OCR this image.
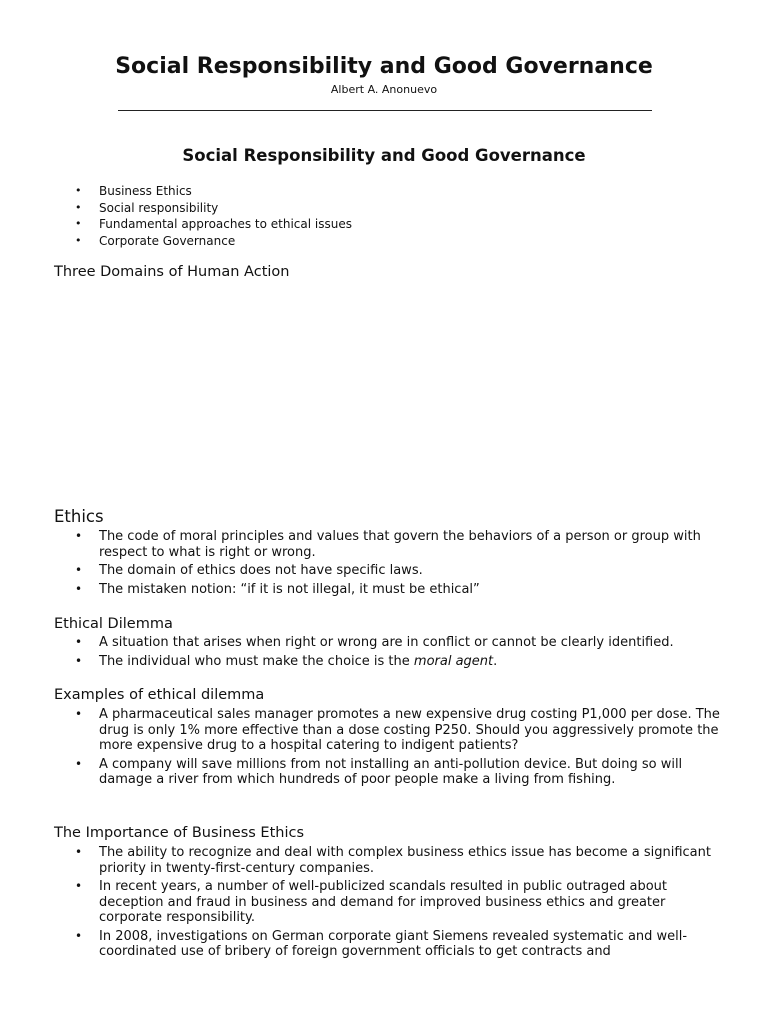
Social Responsibility and Good Governance
Albert A. Anonuevo
Social Responsibility and Good Governance
• Business Ethics
• Social responsibility
• Fundamental approaches to ethical issues
• Corporate Governance
Three Domains of Human Action
Ethics
• The code of moral principles and values that govern the behaviors of a person or group with respect to what is right or wrong.
• The domain of ethics does not have specific laws.
• The mistaken notion: “if it is not illegal, it must be ethical”
Ethical Dilemma
• A situation that arises when right or wrong are in conflict or cannot be clearly identified.
• The individual who must make the choice is the moral agent.
Examples of ethical dilemma
• A pharmaceutical sales manager promotes a new expensive drug costing P1,000 per dose. The drug is only 1% more effective than a dose costing P250. Should you aggressively promote the more expensive drug to a hospital catering to indigent patients?
• A company will save millions from not installing an anti-pollution device. But doing so will damage a river from which hundreds of poor people make a living from fishing.
The Importance of Business Ethics
• The ability to recognize and deal with complex business ethics issue has become a significant priority in twenty-first-century companies.
• In recent years, a number of well-publicized scandals resulted in public outraged about deception and fraud in business and demand for improved business ethics and greater corporate responsibility.
• In 2008, investigations on German corporate giant Siemens revealed systematic and well-coordinated use of bribery of foreign government officials to get contracts and
